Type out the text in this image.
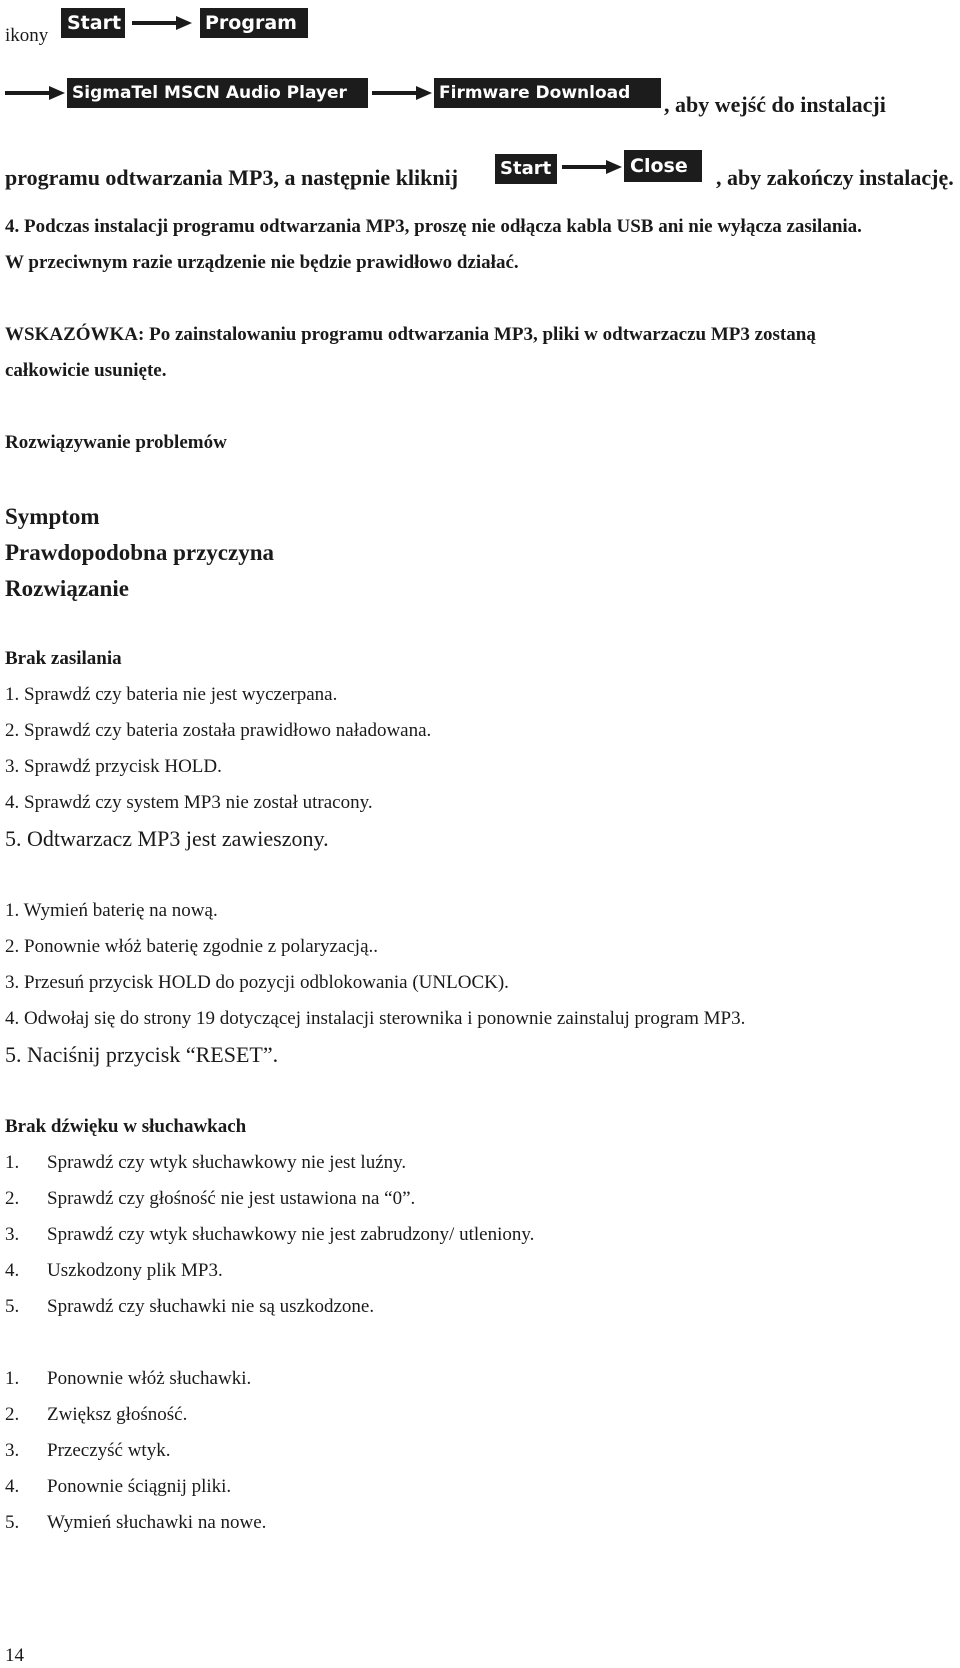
ikony
Start	Program
SigmaTel MSCN Audio Player	Firmware Download , aby wejść do instalacji
programu odtwarzania MP3, a następnie kliknij Start	Close , aby zakończy instalację.
4. Podczas instalacji programu odtwarzania MP3, proszę nie odłącza kabla USB ani nie wyłącza zasilania.
W przeciwnym razie urządzenie nie będzie prawidłowo działać.
WSKAZÓWKA: Po zainstalowaniu programu odtwarzania MP3, pliki w odtwarzaczu MP3 zostaną
całkowicie usunięte.
Rozwiązywanie problemów
Symptom
Prawdopodobna przyczyna
Rozwiązanie
Brak zasilania
1. Sprawdź czy bateria nie jest wyczerpana.
2. Sprawdź czy bateria została prawidłowo naładowana.
3. Sprawdź przycisk HOLD.
4. Sprawdź czy system MP3 nie został utracony.
5. Odtwarzacz MP3 jest zawieszony.
1. Wymień baterię na nową.
2. Ponownie włóż baterię zgodnie z polaryzacją..
3. Przesuń przycisk HOLD do pozycji odblokowania (UNLOCK).
4. Odwołaj się do strony 19 dotyczącej instalacji sterownika i ponownie zainstaluj program MP3.
5. Naciśnij przycisk “RESET”.
Brak dźwięku w słuchawkach
1. Sprawdź czy wtyk słuchawkowy nie jest luźny.
2. Sprawdź czy głośność nie jest ustawiona na “0”.
3. Sprawdź czy wtyk słuchawkowy nie jest zabrudzony/ utleniony.
4. Uszkodzony plik MP3.
5. Sprawdź czy słuchawki nie są uszkodzone.
1. Ponownie włóż słuchawki.
2. Zwiększ głośność.
3. Przeczyść wtyk.
4. Ponownie ściągnij pliki.
5. Wymień słuchawki na nowe.
14
